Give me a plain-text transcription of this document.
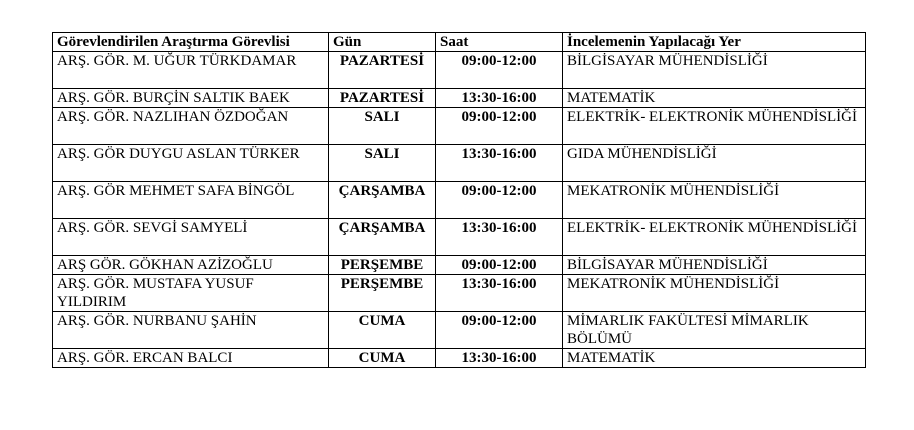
Görevlendirilen Araştırma Görevlisi	Gün	Saat	İncelemenin Yapılacağı Yer
ARŞ. GÖR. M. UĞUR TÜRKDAMAR	PAZARTESİ	09:00-12:00	BİLGİSAYAR MÜHENDİSLİĞİ
ARŞ. GÖR. BURÇİN SALTIK BAEK	PAZARTESİ	13:30-16:00	MATEMATİK
ARŞ. GÖR. NAZLIHAN ÖZDOĞAN	SALI	09:00-12:00	ELEKTRİK- ELEKTRONİK MÜHENDİSLİĞİ
ARŞ. GÖR DUYGU ASLAN TÜRKER	SALI	13:30-16:00	GIDA MÜHENDİSLİĞİ
ARŞ. GÖR MEHMET SAFA BİNGÖL	ÇARŞAMBA	09:00-12:00	MEKATRONİK MÜHENDİSLİĞİ
ARŞ. GÖR. SEVGİ SAMYELİ	ÇARŞAMBA	13:30-16:00	ELEKTRİK- ELEKTRONİK MÜHENDİSLİĞİ
ARŞ GÖR. GÖKHAN AZİZOĞLU	PERŞEMBE	09:00-12:00	BİLGİSAYAR MÜHENDİSLİĞİ
ARŞ. GÖR. MUSTAFA YUSUF YILDIRIM	PERŞEMBE	13:30-16:00	MEKATRONİK MÜHENDİSLİĞİ
ARŞ. GÖR. NURBANU ŞAHİN	CUMA	09:00-12:00	MİMARLIK FAKÜLTESİ MİMARLIK BÖLÜMÜ
ARŞ. GÖR. ERCAN BALCI	CUMA	13:30-16:00	MATEMATİK
